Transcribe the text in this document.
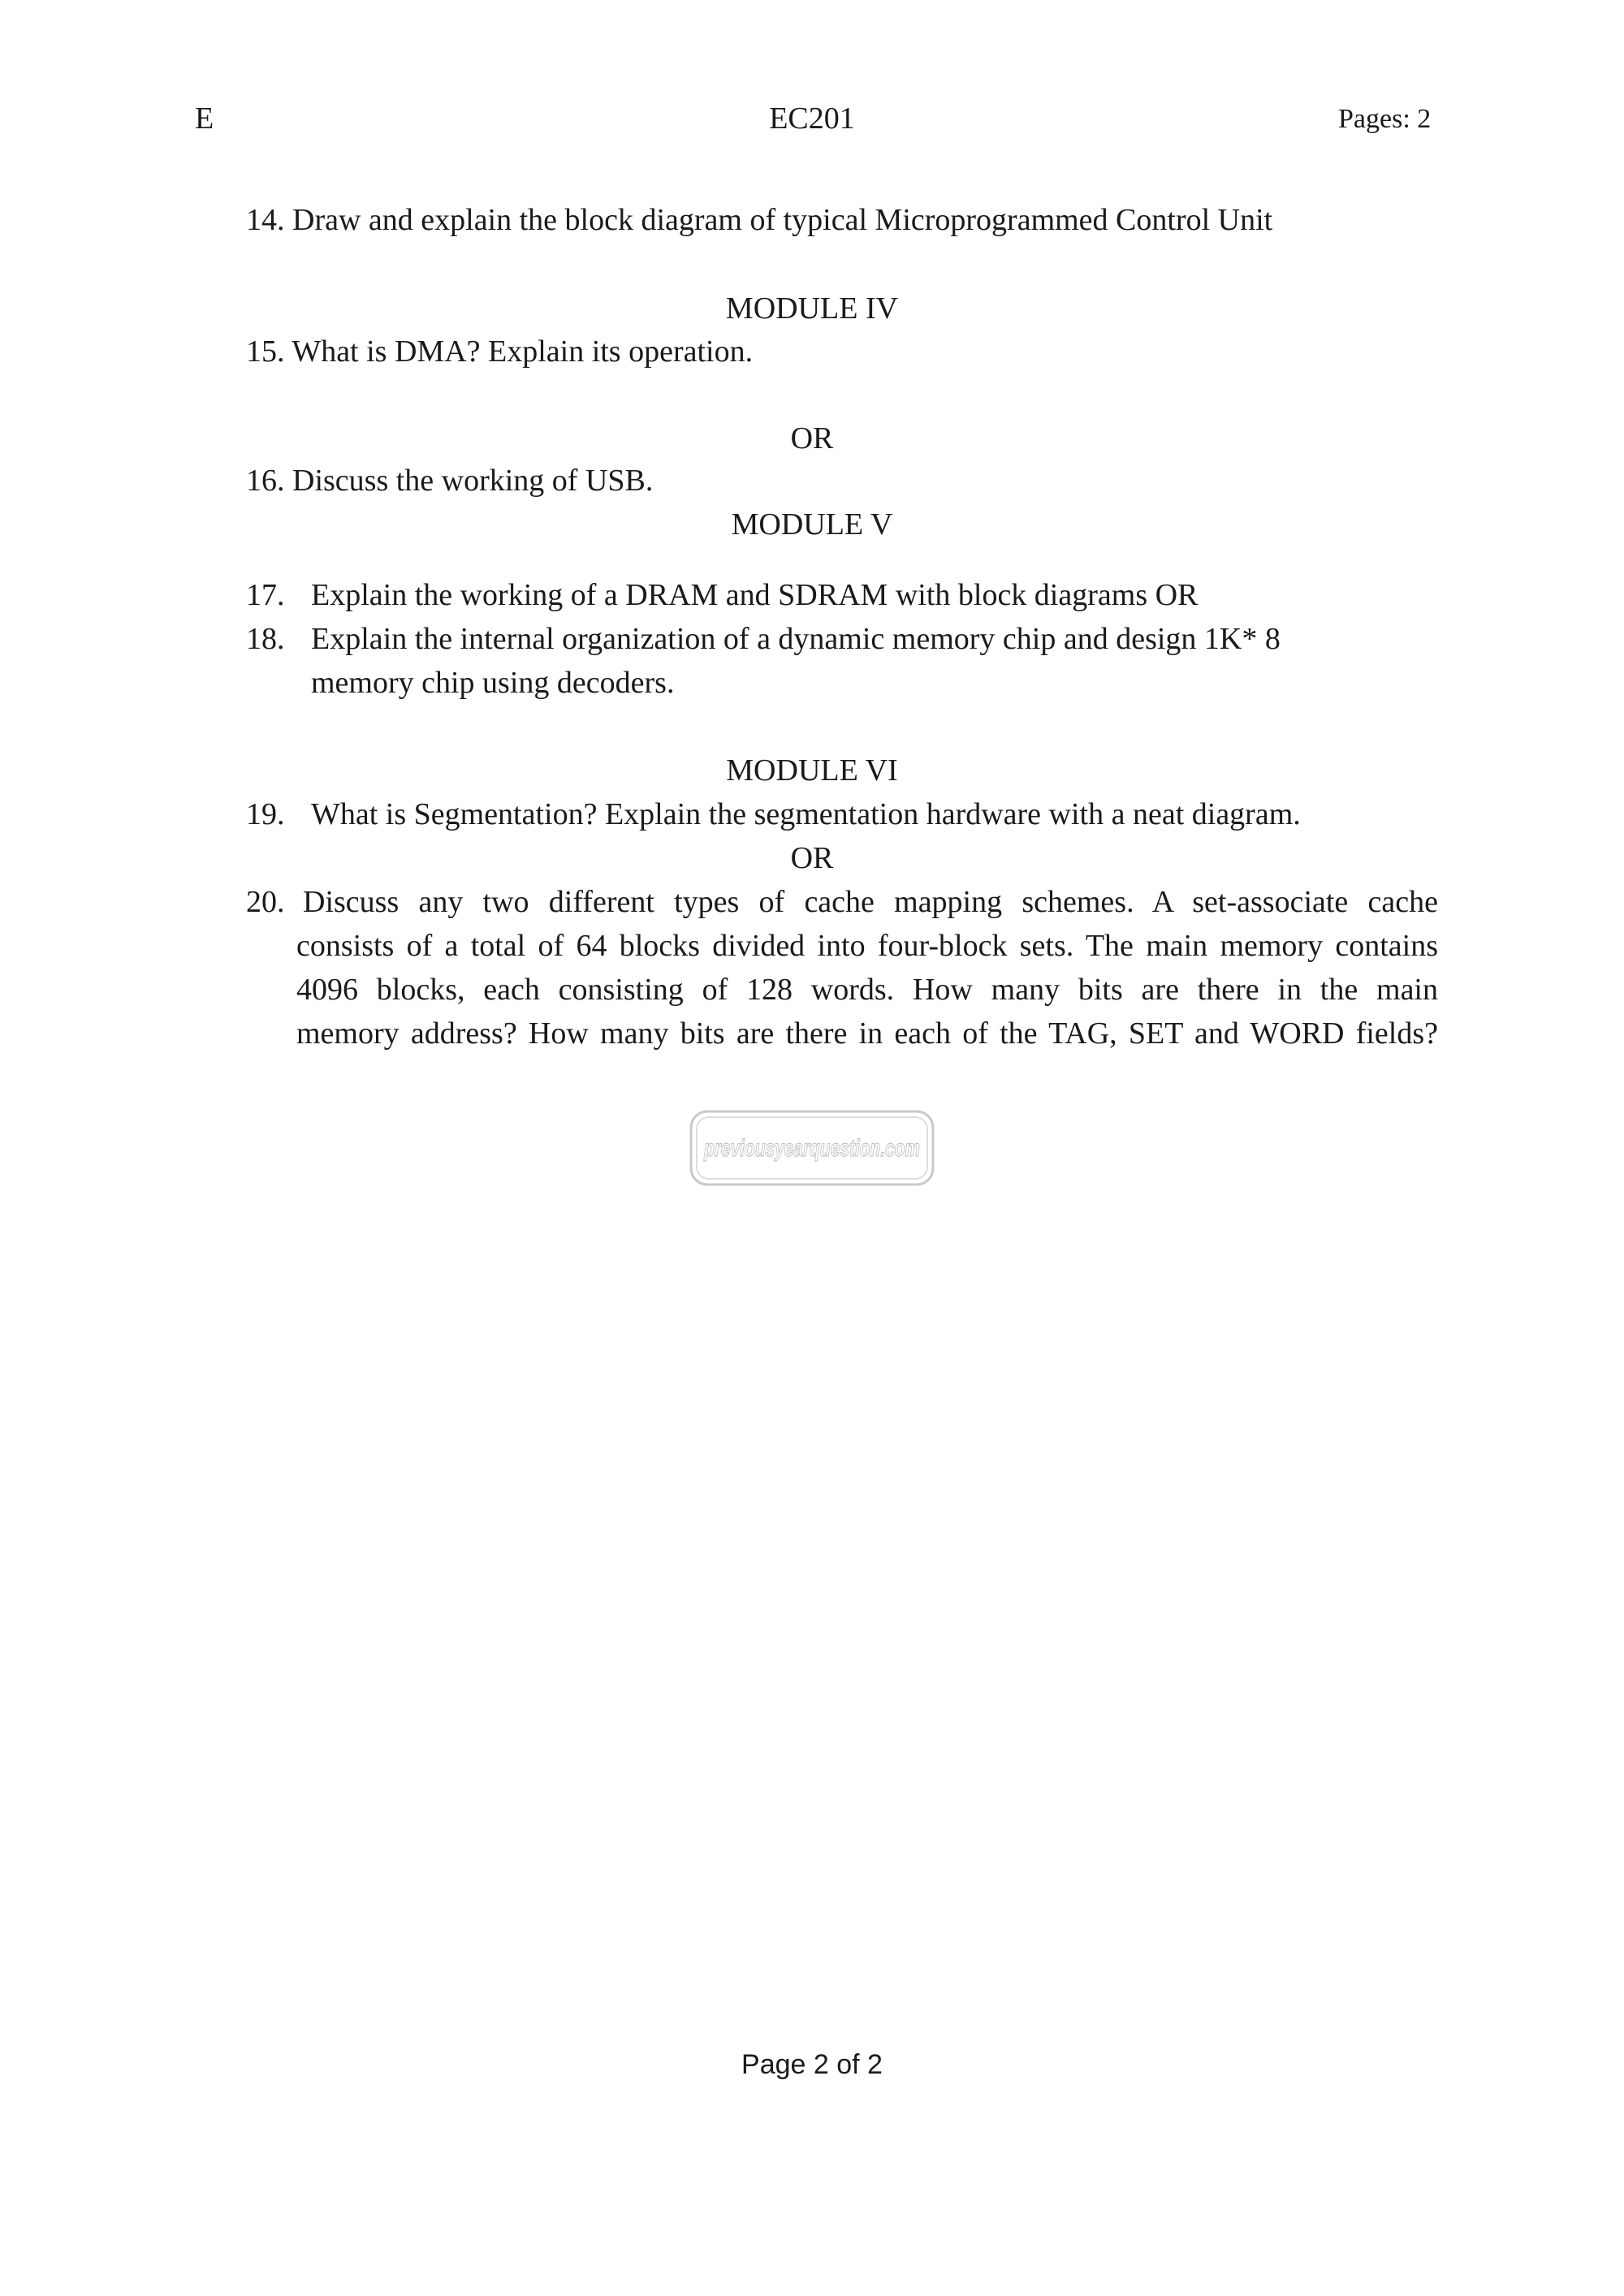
E	EC201	Pages: 2
14. Draw and explain the block diagram of typical Microprogrammed Control Unit
MODULE IV
15. What is DMA? Explain its operation.
OR
16. Discuss the working of USB.
MODULE V
17. Explain the working of a DRAM and SDRAM with block diagrams OR
18. Explain the internal organization of a dynamic memory chip and design 1K* 8
memory chip using decoders.
MODULE VI
19. What is Segmentation? Explain the segmentation hardware with a neat diagram.
OR
20. Discuss any two different types of cache mapping schemes. A set-associate cache
consists of a total of 64 blocks divided into four-block sets. The main memory contains
4096 blocks, each consisting of 128 words. How many bits are there in the main
memory address? How many bits are there in each of the TAG, SET and WORD fields?
previousyearquestion.com
Page 2 of 2
